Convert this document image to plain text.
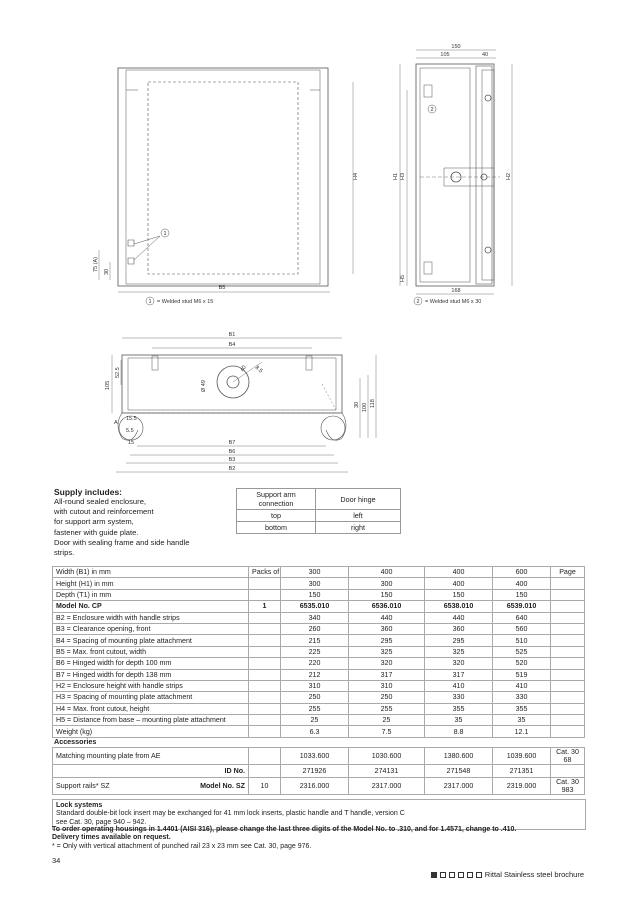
H4
B5
75 (A) 30
1
1 = Welded stud M6 x 15
150
105	40
H1 H3	H2
H5
168
2
2 = Welded stud M6 x 30
B1
B4
B7
B6
B3
B2
105
52.5
Ø 49
40 8.5
30 100 118
15
15.5
5.5
A
Supply includes:
All-round sealed enclosure,
with cutout and reinforcement
for support arm system,
fastener with guide plate.
Door with sealing frame and side handle
strips.
Support arm connection	Door hinge
top	left
bottom	right
Width (B1) in mm	Packs of	300	400	400	600	Page
Height (H1) in mm		300	300	400	400	
Depth (T1) in mm		150	150	150	150	
Model No. CP	1	6535.010	6536.010	6538.010	6539.010	
B2 = Enclosure width with handle strips		340	440	440	640	
B3 = Clearance opening, front		260	360	360	560	
B4 = Spacing of mounting plate attachment		215	295	295	510	
B5 = Max. front cutout, width		225	325	325	525	
B6 = Hinged width for depth 100 mm		220	320	320	520	
B7 = Hinged width for depth 138 mm		212	317	317	519	
H2 = Enclosure height with handle strips		310	310	410	410	
H3 = Spacing of mounting plate attachment		250	250	330	330	
H4 = Max. front cutout, height		255	255	355	355	
H5 = Distance from base – mounting plate attachment		25	25	35	35	
Weight (kg)		6.3	7.5	8.8	12.1	
Accessories
Matching mounting plate from AE		1033.600	1030.600	1380.600	1039.600	Cat. 30 68
ID No.		271926	274131	271548	271351	
Support rails* SZ Model No. SZ	10	2316.000	2317.000	2317.000	2319.000	Cat. 30 983
Lock systems
Standard double-bit lock insert may be exchanged for 41 mm lock inserts, plastic handle and T handle, version C
see Cat. 30, page 940 – 942.
To order operating housings in 1.4401 (AISI 316), please change the last three digits of the Model No. to .310, and for 1.4571, change to .410.
Delivery times available on request.
* = Only with vertical attachment of punched rail 23 x 23 mm see Cat. 30, page 976.
34
Rittal Stainless steel brochure
